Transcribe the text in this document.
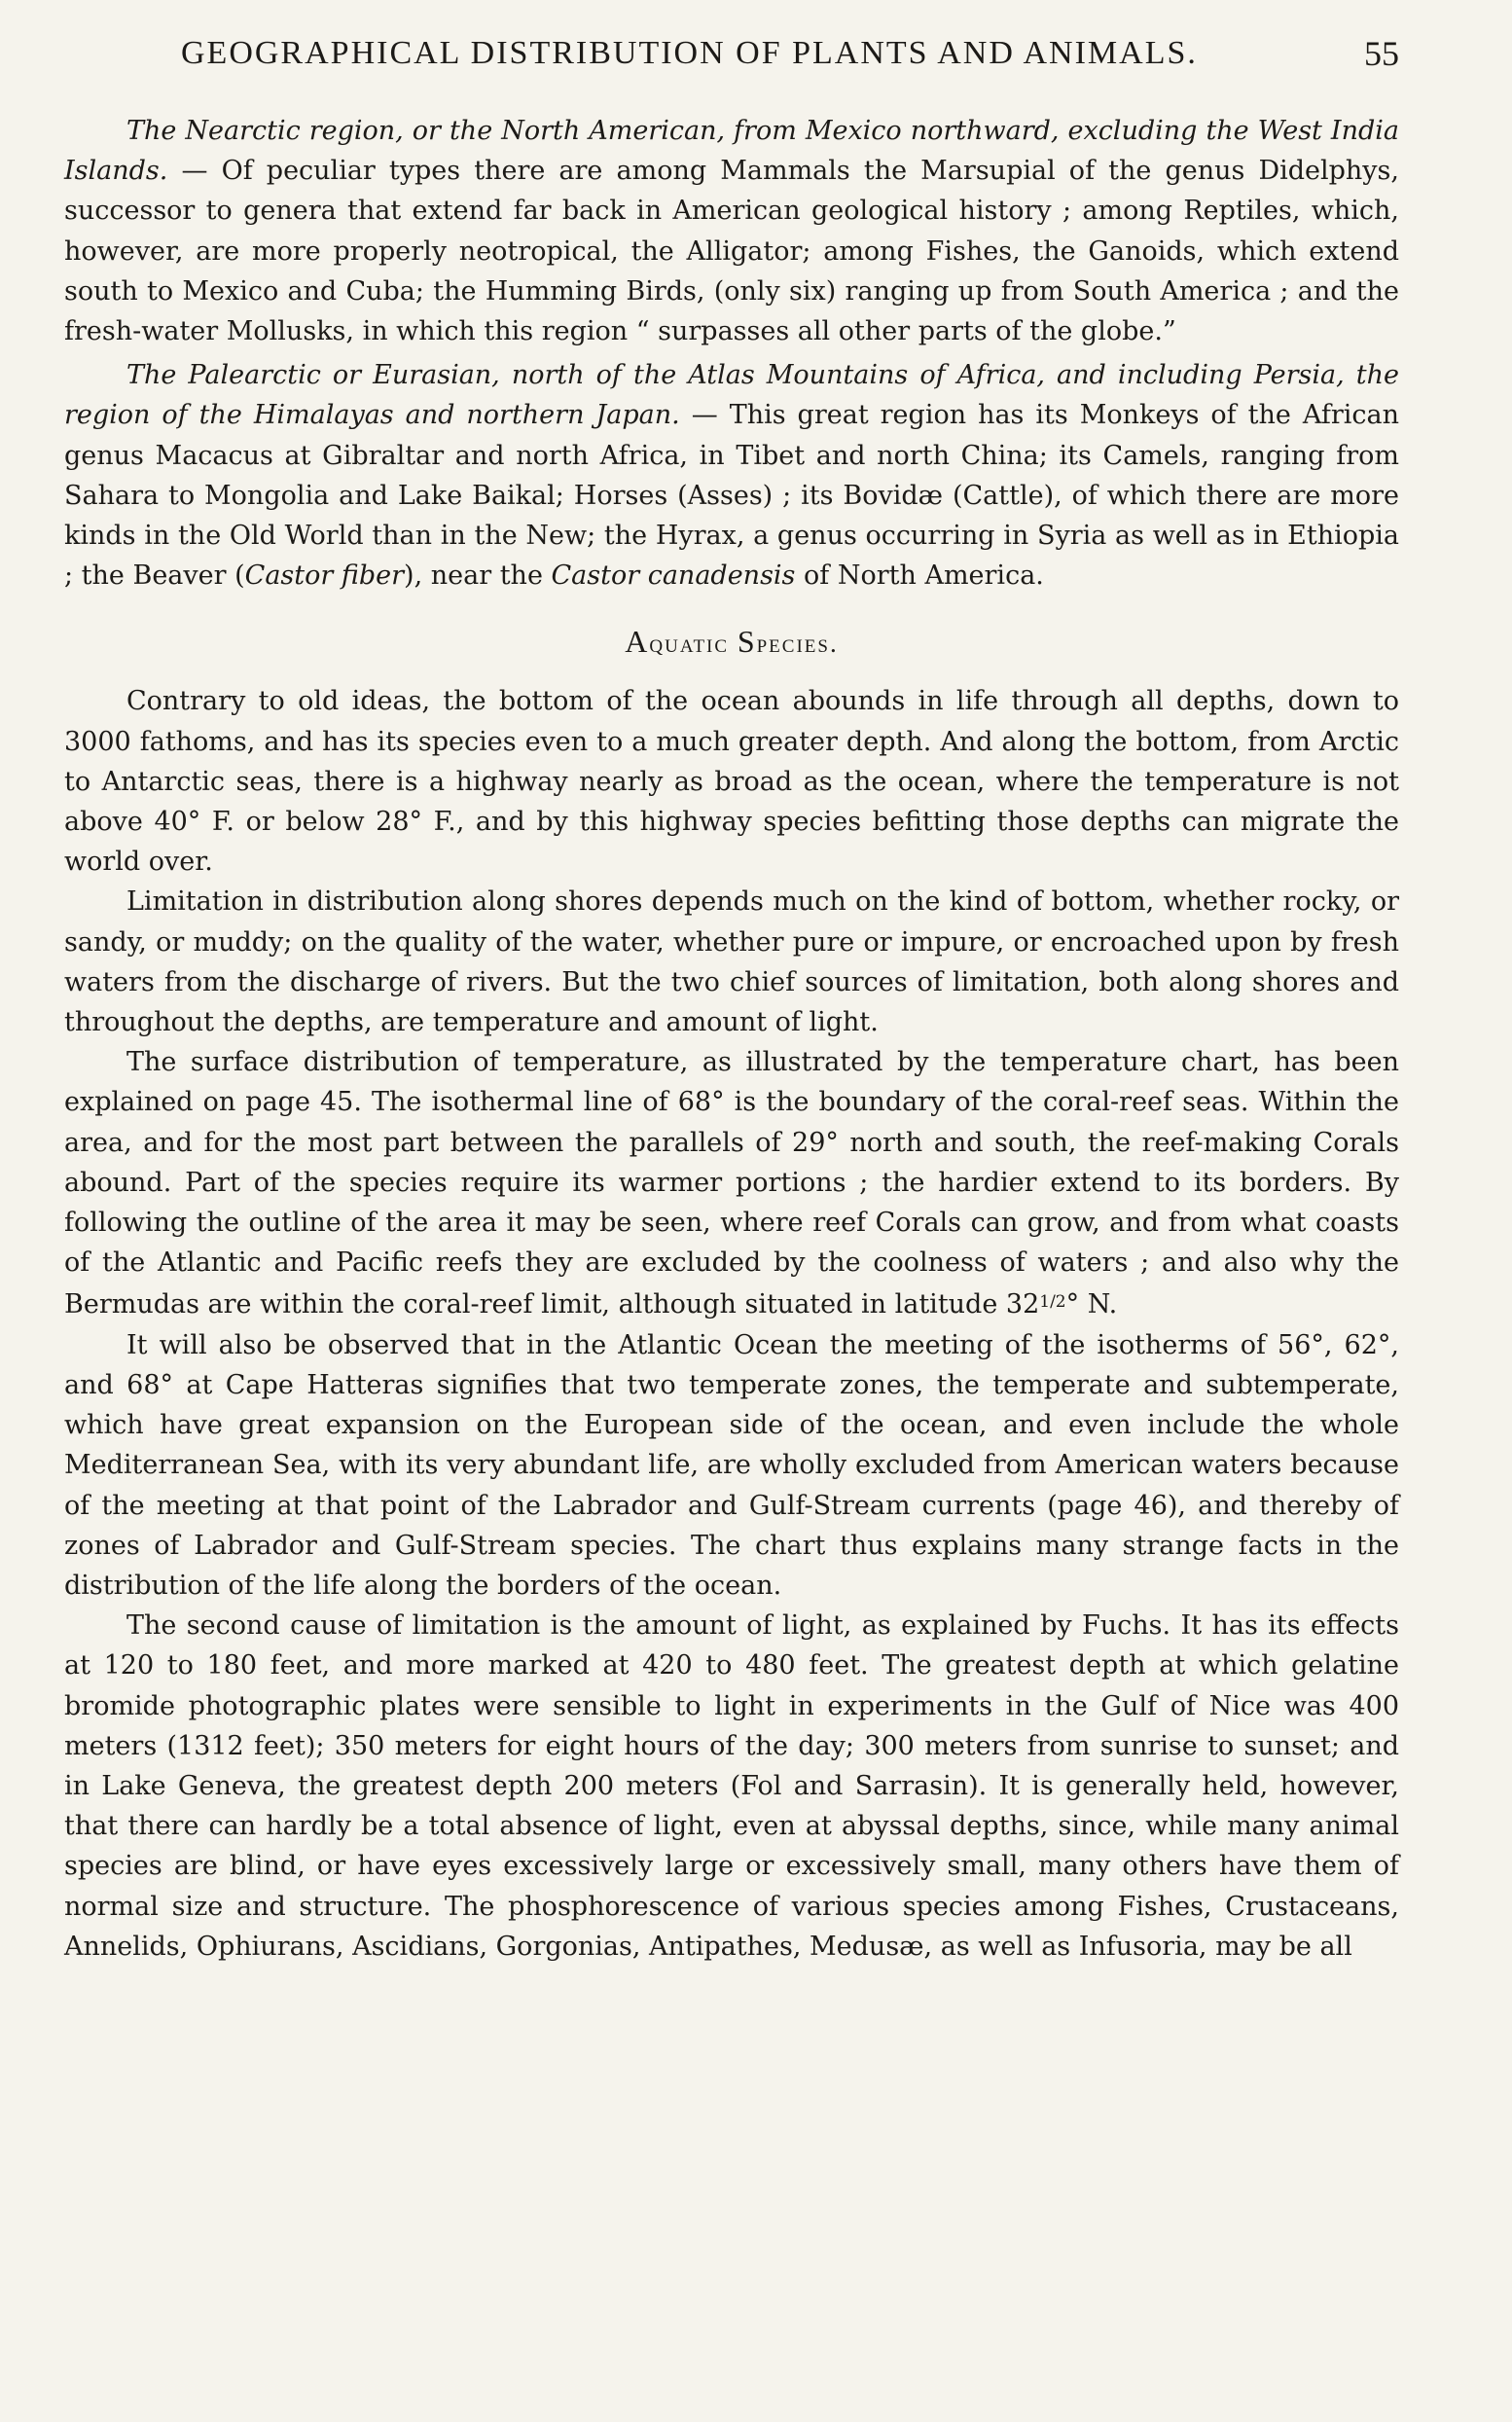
GEOGRAPHICAL DISTRIBUTION OF PLANTS AND ANIMALS.	55

The Nearctic region, or the North American, from Mexico northward, excluding the West India Islands. — Of peculiar types there are among Mammals the Marsupial of the genus Didelphys, successor to genera that extend far back in American geological history ; among Reptiles, which, however, are more properly neotropical, the Alligator; among Fishes, the Ganoids, which extend south to Mexico and Cuba; the Humming Birds, (only six) ranging up from South America ; and the fresh-water Mollusks, in which this region “ surpasses all other parts of the globe.”

The Palearctic or Eurasian, north of the Atlas Mountains of Africa, and including Persia, the region of the Himalayas and northern Japan. — This great region has its Monkeys of the African genus Macacus at Gibraltar and north Africa, in Tibet and north China; its Camels, ranging from Sahara to Mongolia and Lake Baikal; Horses (Asses) ; its Bovidæ (Cattle), of which there are more kinds in the Old World than in the New; the Hyrax, a genus occurring in Syria as well as in Ethiopia ; the Beaver (Castor fiber), near the Castor canadensis of North America.

Aquatic Species.

Contrary to old ideas, the bottom of the ocean abounds in life through all depths, down to 3000 fathoms, and has its species even to a much greater depth. And along the bottom, from Arctic to Antarctic seas, there is a highway nearly as broad as the ocean, where the temperature is not above 40° F. or below 28° F., and by this highway species befitting those depths can migrate the world over.

Limitation in distribution along shores depends much on the kind of bottom, whether rocky, or sandy, or muddy; on the quality of the water, whether pure or impure, or encroached upon by fresh waters from the discharge of rivers. But the two chief sources of limitation, both along shores and throughout the depths, are temperature and amount of light.

The surface distribution of temperature, as illustrated by the temperature chart, has been explained on page 45. The isothermal line of 68° is the boundary of the coral-reef seas. Within the area, and for the most part between the parallels of 29° north and south, the reef-making Corals abound. Part of the species require its warmer portions ; the hardier extend to its borders. By following the outline of the area it may be seen, where reef Corals can grow, and from what coasts of the Atlantic and Pacific reefs they are excluded by the coolness of waters ; and also why the Bermudas are within the coral-reef limit, although situated in latitude $32^{1/2}^\circ$ N.

It will also be observed that in the Atlantic Ocean the meeting of the isotherms of 56°, 62°, and 68° at Cape Hatteras signifies that two temperate zones, the temperate and subtemperate, which have great expansion on the European side of the ocean, and even include the whole Mediterranean Sea, with its very abundant life, are wholly excluded from American waters because of the meeting at that point of the Labrador and Gulf-Stream currents (page 46), and thereby of zones of Labrador and Gulf-Stream species. The chart thus explains many strange facts in the distribution of the life along the borders of the ocean.

The second cause of limitation is the amount of light, as explained by Fuchs. It has its effects at 120 to 180 feet, and more marked at 420 to 480 feet. The greatest depth at which gelatine bromide photographic plates were sensible to light in experiments in the Gulf of Nice was 400 meters (1312 feet); 350 meters for eight hours of the day; 300 meters from sunrise to sunset; and in Lake Geneva, the greatest depth 200 meters (Fol and Sarrasin). It is generally held, however, that there can hardly be a total absence of light, even at abyssal depths, since, while many animal species are blind, or have eyes excessively large or excessively small, many others have them of normal size and structure. The phosphorescence of various species among Fishes, Crustaceans, Annelids, Ophiurans, Ascidians, Gorgonias, Antipathes, Medusæ, as well as Infusoria, may be all
